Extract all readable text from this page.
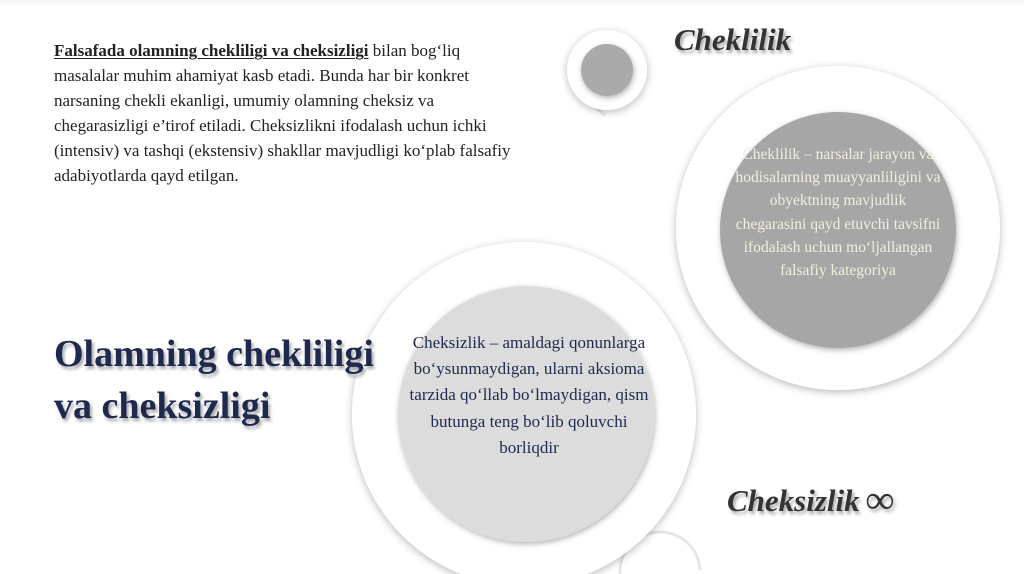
Falsafada olamning chekliligi va cheksizligi bilan bog‘liq masalalar muhim ahamiyat kasb etadi. Bunda har bir konkret narsaning chekli ekanligi, umumiy olamning cheksiz va chegarasizligi e’tirof etiladi. Cheksizlikni ifodalash uchun ichki (intensiv) va tashqi (ekstensiv) shakllar mavjudligi ko‘plab falsafiy adabiyotlarda qayd etilgan.

Olamning chekliligi va cheksizligi
Cheklilik

Cheklilik – narsalar jarayon va hodisalarning muayyanliligini va obyektning mavjudlik chegarasini qayd etuvchi tavsifni ifodalash uchun mo‘ljallangan falsafiy kategoriya

Cheksizlik – amaldagi qonunlarga bo‘ysunmaydigan, ularni aksioma tarzida qo‘llab bo‘lmaydigan, qism butunga teng bo‘lib qoluvchi borliqdir

Cheksizlik ∞
